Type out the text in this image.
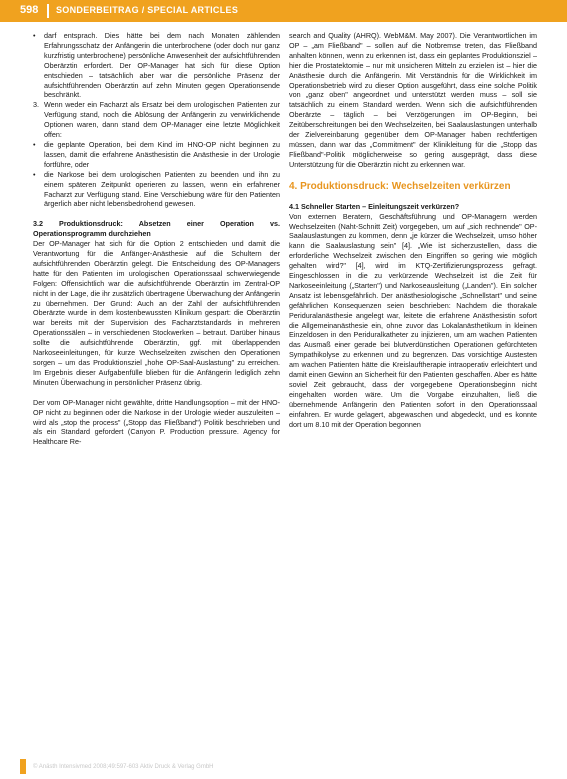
598 SONDERBEITRAG / SPECIAL ARTICLES

• darf entsprach. Dies hätte bei dem nach Monaten zählenden Erfahrungsschatz der Anfängerin die unterbrochene (oder doch nur ganz kurzfristig unterbrochene) persönliche Anwesenheit der aufsichtführenden Oberärztin erfordert. Der OP-Manager hat sich für diese Option entschieden – tatsächlich aber war die persönliche Präsenz der aufsichtführenden Oberärztin auf zehn Minuten gegen Operationsende beschränkt.

3. Wenn weder ein Facharzt als Ersatz bei dem urologischen Patienten zur Verfügung stand, noch die Ablösung der Anfängerin zu verwirklichende Optionen waren, dann stand dem OP-Manager eine letzte Möglichkeit offen:

• die geplante Operation, bei dem Kind im HNO-OP nicht beginnen zu lassen, damit die erfahrene Anästhesistin die Anästhesie in der Urologie fortführe, oder

• die Narkose bei dem urologischen Patienten zu beenden und ihn zu einem späteren Zeitpunkt operieren zu lassen, wenn ein erfahrener Facharzt zur Verfügung stand. Eine Verschiebung wäre für den Patienten ärgerlich aber nicht lebensbedrohend gewesen.

3.2 Produktionsdruck: Absetzen einer Operation vs. Operationsprogramm durchziehen

Der OP-Manager hat sich für die Option 2 entschieden und damit die Verantwortung für die Anfänger-Anästhesie auf die Schultern der aufsichtführenden Oberärztin gelegt. Die Entscheidung des OP-Managers hatte für den Patienten im urologischen Operationssaal schwerwiegende Folgen: Offensichtlich war die aufsichtführende Oberärztin im Zentral-OP nicht in der Lage, die ihr zusätzlich übertragene Überwachung der Anfängerin zu übernehmen. Der Grund: Auch an der Zahl der aufsichtführenden Oberärzte wurde in dem kostenbewussten Klinikum gespart: die Oberärztin war bereits mit der Supervision des Facharztstandards in mehreren Operationssälen – in verschiedenen Stockwerken – betraut. Darüber hinaus sollte die aufsichtführende Oberärztin, ggf. mit überlappenden Narkoseeinleitungen, für kurze Wechselzeiten zwischen den Operationen sorgen – um das Produktionsziel „hohe OP-Saal-Auslastung" zu erreichen. Im Ergebnis dieser Aufgabenfülle blieben für die Anfängerin lediglich zehn Minuten Überwachung in persönlicher Präsenz übrig.

Der vom OP-Manager nicht gewählte, dritte Handlungsoption – mit der HNO-OP nicht zu beginnen oder die Narkose in der Urologie wieder auszuleiten – wird als „stop the process" („Stopp das Fließband") Politik beschrieben und als ein Standard gefordert (Canyon P. Production pressure. Agency for Healthcare Re-

search and Quality (AHRQ). WebM&M. May 2007). Die Verantwortlichen im OP – „am Fließband" – sollen auf die Notbremse treten, das Fließband anhalten können, wenn zu erkennen ist, dass ein geplantes Produktionsziel – hier die Prostatektomie – nur mit unsicheren Mitteln zu erzielen ist – hier die Anästhesie durch die Anfängerin. Mit Verständnis für die Wirklichkeit im Operationsbetrieb wird zu dieser Option ausgeführt, dass eine solche Politik von „ganz oben" angeordnet und unterstützt werden muss – soll sie tatsächlich zu einem Standard werden. Wenn sich die aufsichtführenden Oberärzte – täglich – bei Verzögerungen im OP-Beginn, bei Zeitüberschreitungen bei den Wechselzeiten, bei Saalauslastungen unterhalb der Zielvereinbarung gegenüber dem OP-Manager haben rechtfertigen müssen, dann war das „Commitment" der Klinikleitung für die „Stopp das Fließband"-Politik möglicherweise so gering ausgeprägt, dass diese Unterstützung für die Oberärztin nicht zu erkennen war.

4. Produktionsdruck: Wechselzeiten verkürzen

4.1 Schneller Starten – Einleitungszeit verkürzen?

Von externen Beratern, Geschäftsführung und OP-Managern werden Wechselzeiten (Naht-Schnitt Zeit) vorgegeben, um auf „sich rechnende" OP-Saalauslastungen zu kommen, denn „je kürzer die Wechselzeit, umso höher kann die Saalauslastung sein" [4]. „Wie ist sicherzustellen, dass die erforderliche Wechselzeit zwischen den Eingriffen so gering wie möglich gehalten wird?" [4], wird im KTQ-Zertifizierungsprozess gefragt. Eingeschlossen in die zu verkürzende Wechselzeit ist die Zeit für Narkoseeinleitung („Starten") und Narkoseausleitung („Landen"). Ein solcher Ansatz ist lebensgefährlich. Der anästhesiologische „Schnellstart" und seine gefährlichen Konsequenzen seien beschrieben: Nachdem die thorakale Periduralanästhesie angelegt war, leitete die erfahrene Anästhesistin sofort die Allgemeinanästhesie ein, ohne zuvor das Lokalanästhetikum in kleinen Einzeldosen in den Periduralkatheter zu injizieren, um am wachen Patienten das Ausmaß einer gerade bei blutverdünstichen Operationen gefürchteten Sympathikolyse zu erkennen und zu begrenzen. Das vorsichtige Austesten am wachen Patienten hätte die Kreislauftherapie intraoperativ erleichtert und damit einen Gewinn an Sicherheit für den Patienten geschaffen. Aber es hätte soviel Zeit gebraucht, dass der vorgegebene Operationsbeginn nicht eingehalten worden wäre. Um die Vorgabe einzuhalten, ließ die übernehmende Anfängerin den Patienten sofort in den Operationssaal einfahren. Er wurde gelagert, abgewaschen und abgedeckt, und es konnte dort um 8.10 mit der Operation begonnen

© Anästh Intensivmed 2008;49:597-603 Aktiv Druck & Verlag GmbH
